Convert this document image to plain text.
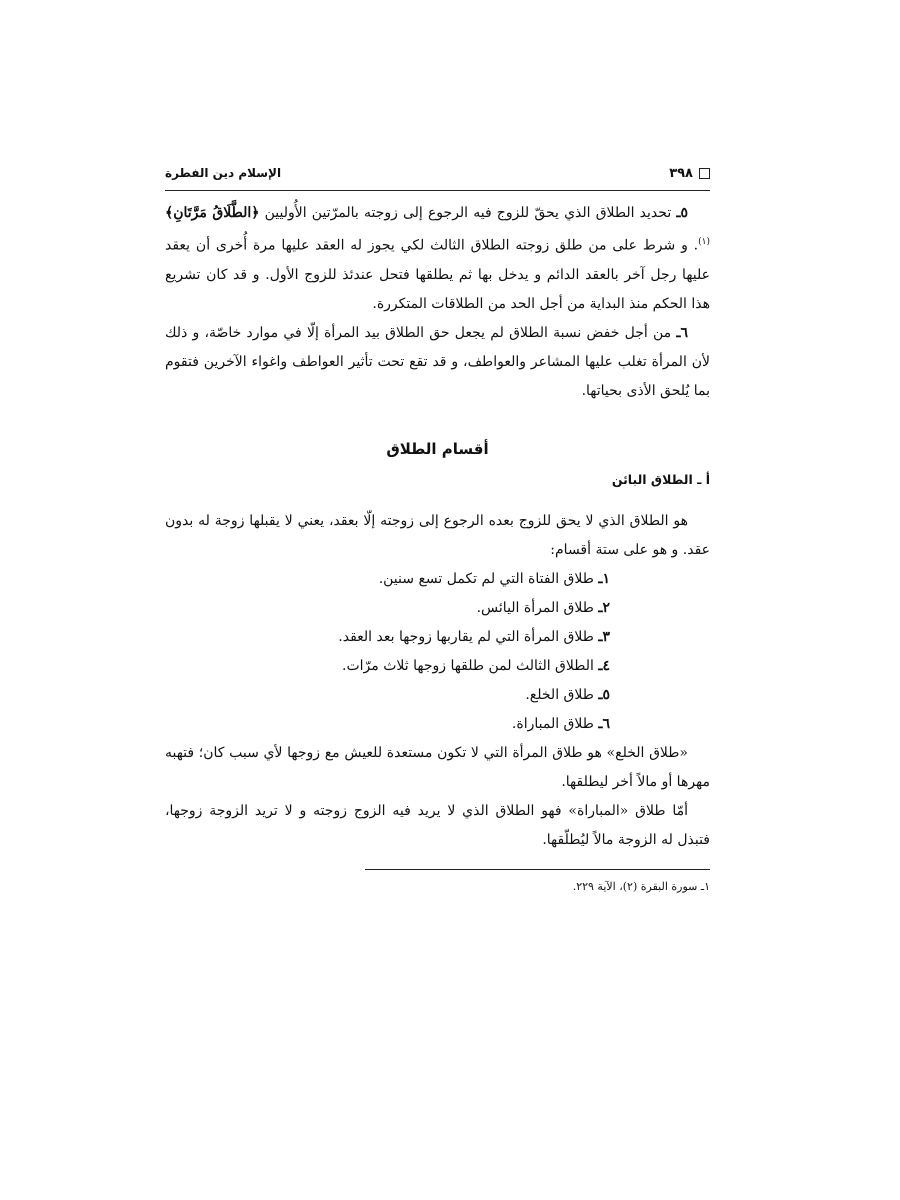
٣٩٨
الإسلام دين الفطرة

٥ـ تحديد الطلاق الذي يحقّ للزوج فيه الرجوع إلى زوجته بالمرّتين الأُوليين ﴿الطَّلَاقُ مَرَّتَانِ﴾$^{(١)}$. و شرط على من طلق زوجته الطلاق الثالث لكي يجوز له العقد عليها مرة أُخرى أن يعقد عليها رجل آخر بالعقد الدائم و يدخل بها ثم يطلقها فتحل عندئذ للزوج الأول. و قد كان تشريع هذا الحكم منذ البداية من أجل الحد من الطلاقات المتكررة.

٦ـ من أجل خفض نسبة الطلاق لم يجعل حق الطلاق بيد المرأة إلّا في موارد خاصّة، و ذلك لأن المرأة تغلب عليها المشاعر والعواطف، و قد تقع تحت تأثير العواطف واغواء الآخرين فتقوم بما يُلحق الأذى بحياتها.

أقسام الطلاق
أ ـ الطلاق البائن

هو الطلاق الذي لا يحق للزوج بعده الرجوع إلى زوجته إلّا بعقد، يعني لا يقبلها زوجة له بدون عقد. و هو على ستة أقسام:

١ـ طلاق الفتاة التي لم تكمل تسع سنين.
٢ـ طلاق المرأة اليائس.
٣ـ طلاق المرأة التي لم يقاربها زوجها بعد العقد.
٤ـ الطلاق الثالث لمن طلقها زوجها ثلاث مرّات.
٥ـ طلاق الخلع.
٦ـ طلاق المباراة.

«طلاق الخلع» هو طلاق المرأة التي لا تكون مستعدة للعيش مع زوجها لأي سبب كان؛ فتهبه مهرها أو مالاً أخر ليطلقها.

أمّا طلاق «المباراة» فهو الطلاق الذي لا يريد فيه الزوج زوجته و لا تريد الزوجة زوجها، فتبذل له الزوجة مالاً ليُطلّقها.

١ـ سورة البقرة (٢)، الآية ٢٢٩.
